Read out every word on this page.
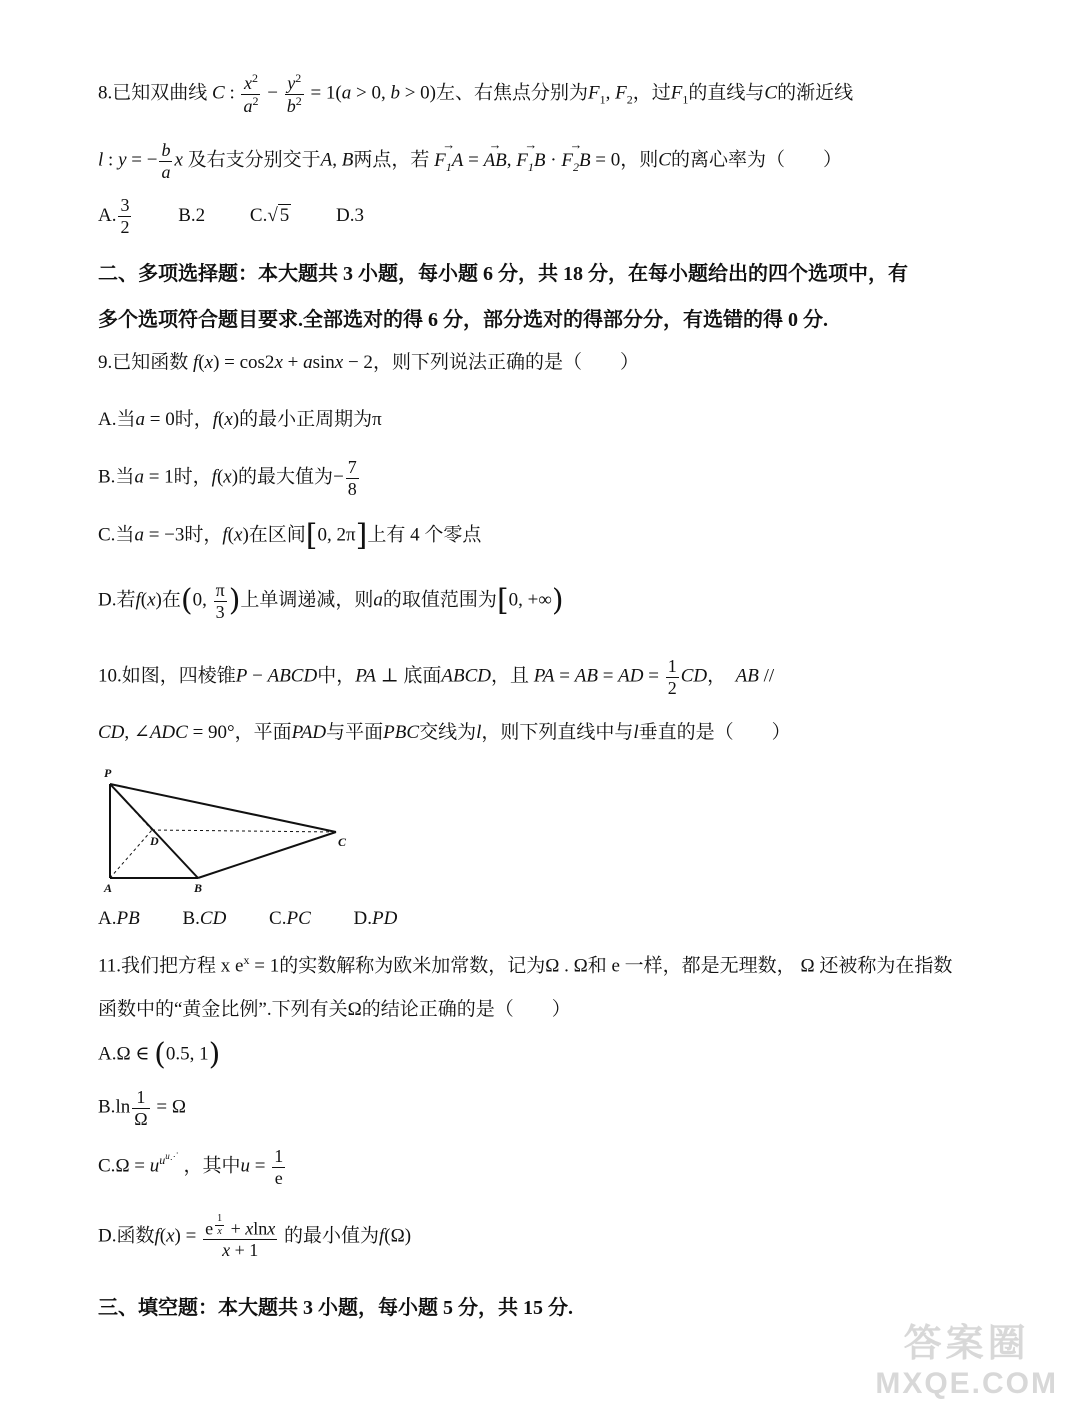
8.已知双曲线 C : $\frac{x^2}{a^2} - \frac{y^2}{b^2} = 1(a > 0$, b > 0)左、右焦点分别为$F_1$, $F_2$，过$F_1$的直线与C的渐近线
l : y = − $\frac{b}{a}$ x 及右支分别交于A, B两点，若 → $F_1A$ = → AB, → $F_1B$ · → $F_2B = 0$，则C的离心率为（　　）
A. $\frac{3}{2} B.2$ C.√ 5 D.3
二、多项选择题：本大题共 3 小题，每小题 6 分，共 18 分，在每小题给出的四个选项中，有
多个选项符合题目要求.全部选对的得 6 分，部分选对的得部分分，有选错的得 0 分.
9.已知函数 f(x) = cos2x + asinx − 2，则下列说法正确的是（　　）
A.当a = 0时，f(x)的最小正周期为π
B.当a = 1时，f(x)的最大值为− $\frac{7}{8}$
C.当a = −3时，f(x)在区间[0, 2π]上有 4 个零点
D.若f(x)在(0, $\frac{\pi}{3}$ )上单调递减，则a的取值范围为[0, +∞)
10.如图，四棱锥P − ABCD中，PA ⊥ 底面ABCD，且 PA = AB = AD = $\frac{1}{2}$ CD，  AB //
CD, ∠ADC = 90°，平面PAD与平面PBC交线为l，则下列直线中与l垂直的是（　　）
P
D	C
A	B
A.PB B.CD C.PC D.PD
11.我们把方程 x $e^x = 1$的实数解称为欧米加常数，记为Ω . Ω和 e 一样，都是无理数， Ω 还被称为在指数
函数中的“黄金比例”.下列有关Ω的结论正确的是（　　）
A.Ω ∈ (0.5, 1)
$B.\ln \frac{1}{\Omega} = \Omega$
$C.\Omega = u^{u^{u⋰}}$ ，其中$u = \frac{1}{e}$
D.函数f(x) = e $^{\frac{1}{x}}$ + xlnx
x + 1 的最小值为f(Ω)
三、填空题：本大题共 3 小题，每小题 5 分，共 15 分.
答案圈
MXQE.COM
